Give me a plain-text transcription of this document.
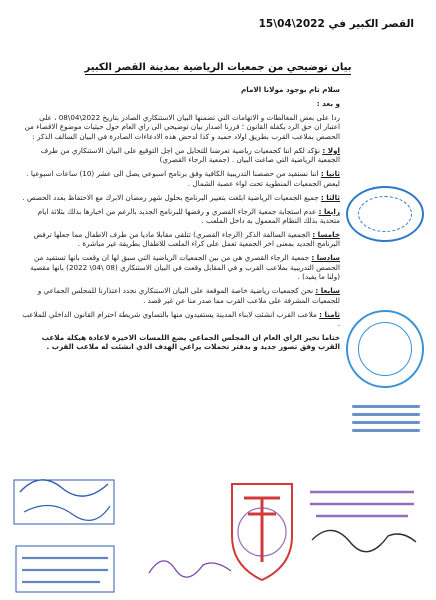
القصر الكبير في 2022\04\15
بيان توضيحي من جمعيات الرياضية بمدينة القصر الكبير

سلام تام بوجود مولانا الامام

و بعد :

ردا على بعض المغالطات و الاتهامات التي تضمنها البيان الاستنكاري الصادر بتاريخ 2022\04\08 ، على اعتبار ان حق الرد يكفله القانون ؛ قررنا اصدار بيان توضيحي الى راي العام حول حيثيات موضوع الاقصاء من الحصص بملاعب القرب بطريق اولاد حميد و كذا لدحض هذه الادعاءات الصادرة في البيان السالف الذكر :

اولا : نؤكد لكم اننا كجمعيات رياضية تعرضنا للتحايل من اجل التوقيع على البيان الاستنكاري من طرف الجمعية الرياضية التي صاغت البيان . (جمعية الرجاء القصري)

ثانيا : اننا نستفيد من حصصنا التدريبية الكافية وفق برنامج اسبوعي يصل الى عشر (10) ساعات اسبوعيا . لبعض الجمعيات المنطوية تحت لواء عصبة الشمال .

ثالثا : جميع الجمعيات الرياضية ابلغت بتغيير البرنامج بحلول شهر رمضان الابرك مع الاحتفاظ بعدد الحصص .

رابعا : عدم استجابة جمعية الرجاء القصري و رفضها للبرنامج الجديد بالرغم من اخبارها بذلك بثلاثة ايام متحدية بذلك النظام المعمول به داخل الملعب .

خامسا : الجمعية السالفة الذكر (الرجاء القصري) تتلقى مقابلا ماديا من طرف الاطفال مما جعلها ترفض البرنامج الجديد بمعنى اخر الجمعية تعمل على كراء الملعب للاطفال بطريقة غير مباشرة .

سادسا : جمعية الرجاء القصري هي من بين الجمعيات الرياضية التي سبق لها ان وقعت بانها تستفيد من الحصص التدريبية بملاعب القرب و في المقابل وقعت في البيان الاستنكاري (08 \04\ 2022) بانها مقصية (ولنا ما يفيد) .

سابعا : نحن كجمعيات رياضية خاصة الموقعة على البيان الاستنكاري نجدد اعتذارنا للمجلس الجماعي و للجمعيات المشرفة على ملاعب القرب مما صدر منا عن غير قصد .

ثامنا : ملاعب القرب انشئت لابناء المدينة يستفيدون منها بالتساوي شريطة احترام القانون الداخلي للملاعب .

ختاما نخير الراي العام ان المجلس الجماعي يضع اللمسات الاخيرة لاعادة هيكلة ملاعب القرب وفق تصور جديد و بدفتر تحملات يراعي الهدف الذي انشئت له ملاعب القرب .
